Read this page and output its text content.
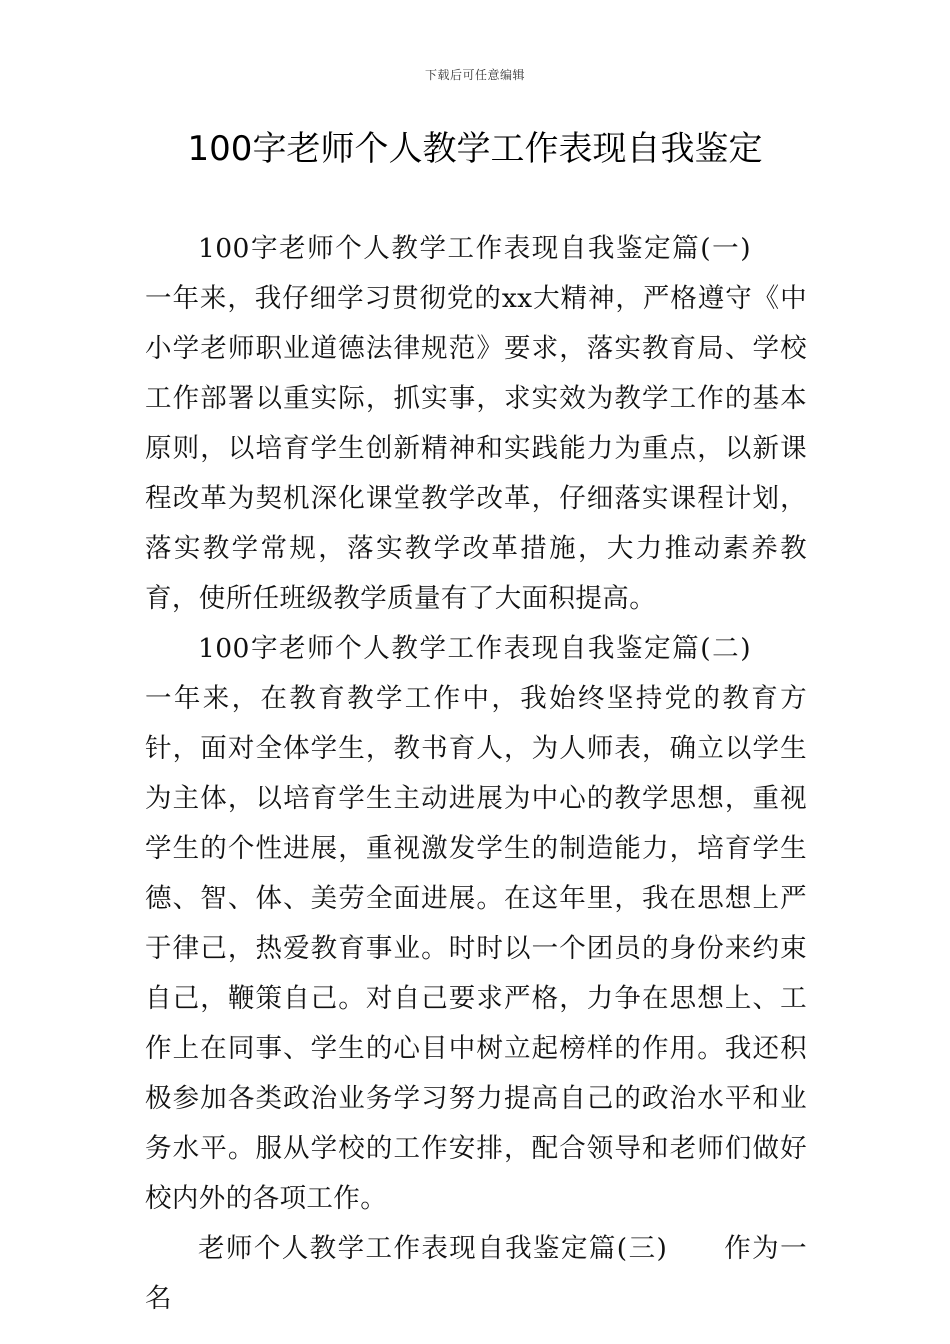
下载后可任意编辑
100字老师个人教学工作表现自我鉴定

100字老师个人教学工作表现自我鉴定篇(一)一年来，我仔细学习贯彻党的xx大精神，严格遵守《中小学老师职业道德法律规范》要求，落实教育局、学校工作部署以重实际，抓实事，求实效为教学工作的基本原则，以培育学生创新精神和实践能力为重点，以新课程改革为契机深化课堂教学改革，仔细落实课程计划，落实教学常规，落实教学改革措施，大力推动素养教育，使所任班级教学质量有了大面积提高。

100字老师个人教学工作表现自我鉴定篇(二)一年来，在教育教学工作中，我始终坚持党的教育方针，面对全体学生，教书育人，为人师表，确立以学生为主体，以培育学生主动进展为中心的教学思想，重视学生的个性进展，重视激发学生的制造能力，培育学生德、智、体、美劳全面进展。在这年里，我在思想上严于律己，热爱教育事业。时时以一个团员的身份来约束自己，鞭策自己。对自己要求严格，力争在思想上、工作上在同事、学生的心目中树立起榜样的作用。我还积极参加各类政治业务学习努力提高自己的政治水平和业务水平。服从学校的工作安排，配合领导和老师们做好校内外的各项工作。

老师个人教学工作表现自我鉴定篇(三) 作为一名
